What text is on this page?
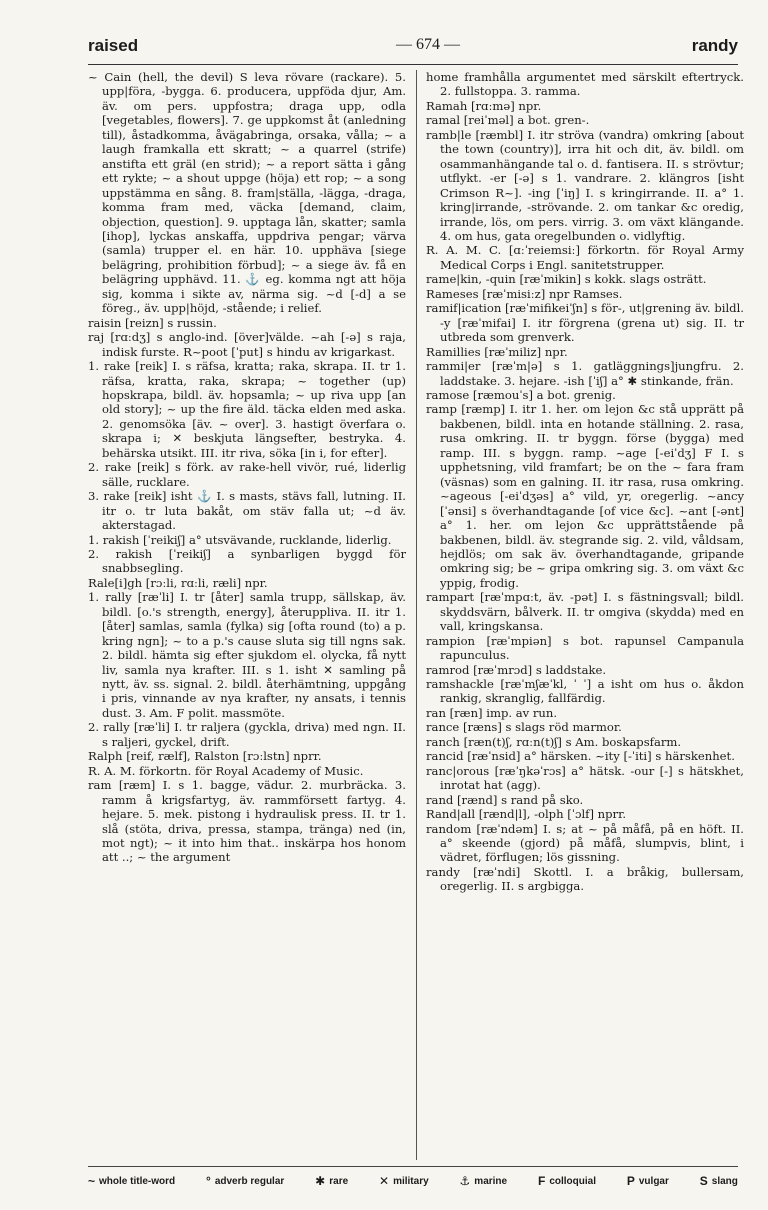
raised	— 674 —	randy

~ Cain (hell, the devil) S leva rövare (rackare). 5. upp|föra, -bygga. 6. producera, uppföda djur, Am. äv. om pers. uppfostra; draga upp, odla [vegetables, flowers]. 7. ge uppkomst åt (anledning till), åstadkomma, åvägabringa, orsaka, vålla; ~ a laugh framkalla ett skratt; ~ a quarrel (strife) anstifta ett gräl (en strid); ~ a report sätta i gång ett rykte; ~ a shout uppge (höja) ett rop; ~ a song uppstämma en sång. 8. fram|ställa, -lägga, -draga, komma fram med, väcka [demand, claim, objection, question]. 9. upptaga lån, skatter; samla [ihop], lyckas anskaffa, uppdriva pengar; värva (samla) trupper el. en här. 10. upphäva [siege belägring, prohibition förbud]; ~ a siege äv. få en belägring upphävd. 11. ⚓ eg. komma ngt att höja sig, komma i sikte av, närma sig. ~d [-d] a se föreg., äv. upp|höjd, -stående; i relief.

raisin [reizn] s russin.

raj [rɑːdʒ] s anglo-ind. [över]välde. ~ah [-ə] s raja, indisk furste. R~poot [ˈput] s hindu av krigarkast.

1. rake [reik] I. s räfsa, kratta; raka, skrapa. II. tr 1. räfsa, kratta, raka, skrapa; ~ together (up) hopskrapa, bildl. äv. hopsamla; ~ up riva upp [an old story]; ~ up the fire äld. täcka elden med aska. 2. genomsöka [äv. ~ over]. 3. hastigt överfara o. skrapa i; ✕ beskjuta längsefter, bestryka. 4. behärska utsikt. III. itr riva, söka [in i, for efter].

2. rake [reik] s förk. av rake-hell vivör, rué, liderlig sälle, rucklare.

3. rake [reik] isht ⚓ I. s masts, stävs fall, lutning. II. itr o. tr luta bakåt, om stäv falla ut; ~d äv. akterstagad.

1. rakish [ˈreikiʃ] a° utsvävande, rucklande, liderlig.

2. rakish [ˈreikiʃ] a synbarligen byggd för snabbsegling.

Rale[i]gh [rɔːli, rɑːli, ræli] npr.

1. rally [ræˈli] I. tr [åter] samla trupp, sällskap, äv. bildl. [o.'s strength, energy], återuppliva. II. itr 1. [åter] samlas, samla (fylka) sig [ofta round (to) a p. kring ngn]; ~ to a p.'s cause sluta sig till ngns sak. 2. bildl. hämta sig efter sjukdom el. olycka, få nytt liv, samla nya krafter. III. s 1. isht ✕ samling på nytt, äv. ss. signal. 2. bildl. återhämtning, uppgång i pris, vinnande av nya krafter, ny ansats, i tennis dust. 3. Am. F polit. massmöte.

2. rally [ræˈli] I. tr raljera (gyckla, driva) med ngn. II. s raljeri, gyckel, drift.

Ralph [reif, rælf], Ralston [rɔːlstn] nprr.

R. A. M. förkortn. för Royal Academy of Music.

ram [ræm] I. s 1. bagge, vädur. 2. murbräcka. 3. ramm å krigsfartyg, äv. rammförsett fartyg. 4. hejare. 5. mek. pistong i hydraulisk press. II. tr 1. slå (stöta, driva, pressa, stampa, tränga) ned (in, mot ngt); ~ it into him that.. inskärpa hos honom att ..; ~ the argument

home framhålla argumentet med särskilt eftertryck. 2. fullstoppa. 3. ramma.

Ramah [rɑːmə] npr.

ramal [reiˈməl] a bot. gren-.

ramb|le [ræmbl] I. itr ströva (vandra) omkring [about the town (country)], irra hit och dit, äv. bildl. om osammanhängande tal o. d. fantisera. II. s strövtur; utflykt. -er [-ə] s 1. vandrare. 2. klängros [isht Crimson R~]. -ing [ˈiŋ] I. s kringirrande. II. a° 1. kring|irrande, -strövande. 2. om tankar &c oredig, irrande, lös, om pers. virrig. 3. om växt klängande. 4. om hus, gata oregelbunden o. vidlyftig.

R. A. M. C. [ɑːˈreiemsiː] förkortn. för Royal Army Medical Corps i Engl. sanitetstrupper.

rame|kin, -quin [ræˈmikin] s kokk. slags osträtt.

Rameses [ræˈmisiːz] npr Ramses.

ramif|ication [ræˈmifikeiˈʃn] s för-, ut|grening äv. bildl. -y [ræˈmifai] I. itr förgrena (grena ut) sig. II. tr utbreda som grenverk.

Ramillies [ræˈmiliz] npr.

rammi|er [ræˈm|ə] s 1. gatläggnings]jungfru. 2. laddstake. 3. hejare. -ish [ˈiʃ] a° ✱ stinkande, frän.

ramose [ræmouˈs] a bot. grenig.

ramp [ræmp] I. itr 1. her. om lejon &c stå upprätt på bakbenen, bildl. inta en hotande ställning. 2. rasa, rusa omkring. II. tr byggn. förse (bygga) med ramp. III. s byggn. ramp. ~age [-eiˈdʒ] F I. s upphetsning, vild framfart; be on the ~ fara fram (väsnas) som en galning. II. itr rasa, rusa omkring. ~ageous [-eiˈdʒəs] a° vild, yr, oregerlig. ~ancy [ˈənsi] s överhandtagande [of vice &c]. ~ant [-ənt] a° 1. her. om lejon &c upprättstående på bakbenen, bildl. äv. stegrande sig. 2. vild, våldsam, hejdlös; om sak äv. överhandtagande, gripande omkring sig; be ~ gripa omkring sig. 3. om växt &c yppig, frodig.

rampart [ræˈmpɑːt, äv. -pət] I. s fästningsvall; bildl. skyddsvärn, bålverk. II. tr omgiva (skydda) med en vall, kringskansa.

rampion [ræˈmpiən] s bot. rapunsel Campanula rapunculus.

ramrod [ræˈmrɔd] s laddstake.

ramshackle [ræˈmʃæˈkl, ˈ ˈ] a isht om hus o. åkdon rankig, skranglig, fallfärdig.

ran [ræn] imp. av run.

rance [ræns] s slags röd marmor.

ranch [ræn(t)ʃ, rɑːn(t)ʃ] s Am. boskapsfarm.

rancid [ræˈnsid] a° härsken. ~ity [-ˈiti] s härskenhet.

ranc|orous [ræˈŋkəˈrɔs] a° hätsk. -our [-] s hätskhet, inrotat hat (agg).

rand [rænd] s rand på sko.

Rand|all [rænd|l], -olph [ˈɔlf] nprr.

random [ræˈndəm] I. s; at ~ på måfå, på en höft. II. a° skeende (gjord) på måfå, slumpvis, blint, i vädret, förflugen; lös gissning.

randy [ræˈndi] Skottl. I. a bråkig, bullersam, oregerlig. II. s argbigga.

~ whole title-word	° adverb regular	✱ rare	✕ military	⚓ marine	F colloquial	P vulgar	S slang
